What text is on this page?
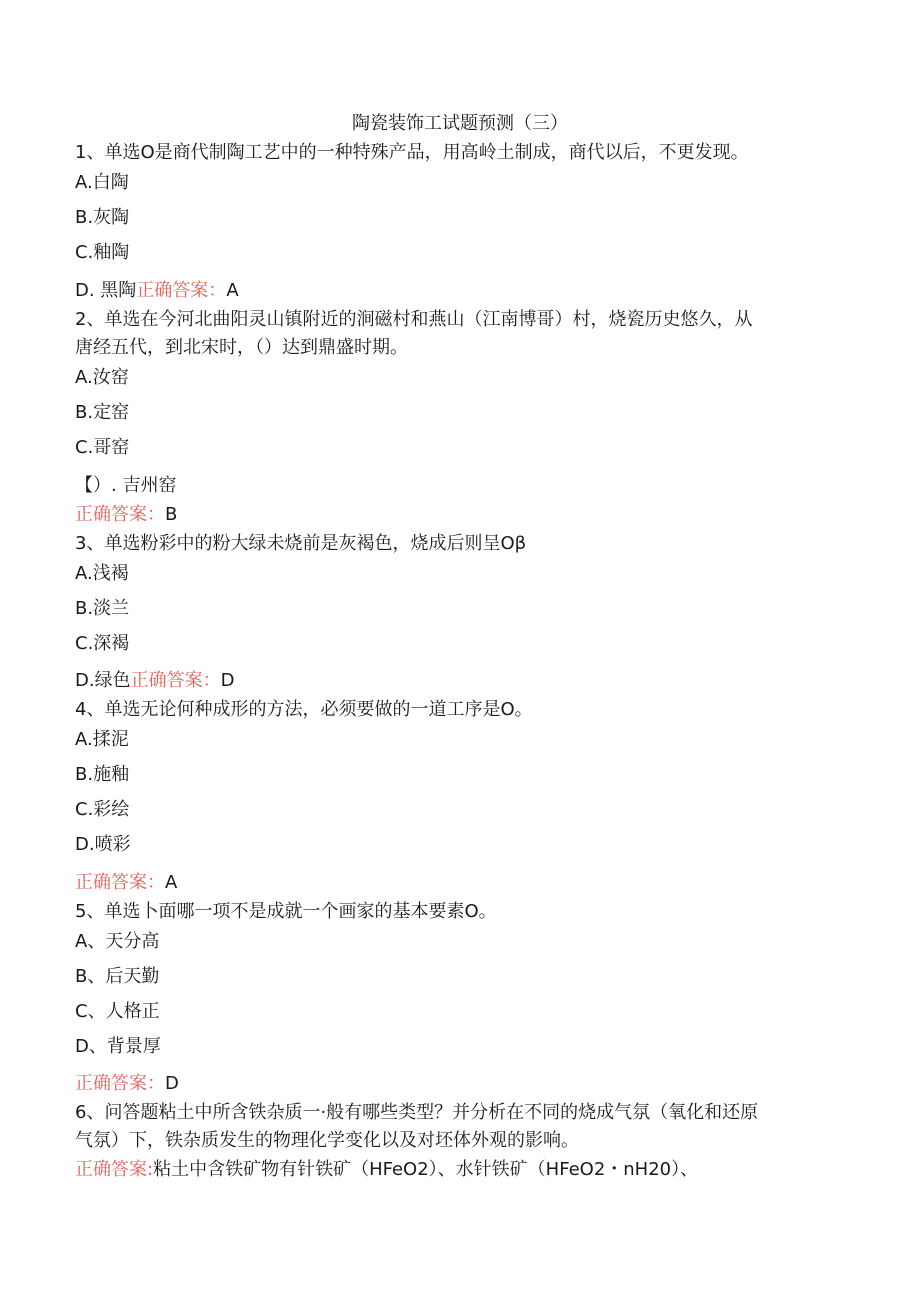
陶瓷装饰工试题预测（三）
1、单选O是商代制陶工艺中的一种特殊产品，用高岭土制成，商代以后，不更发现。
A.白陶
B.灰陶
C.釉陶
D. 黑陶正确答案：A
2、单选在今河北曲阳灵山镇附近的涧磁村和燕山（江南博哥）村，烧瓷历史悠久，从
唐经五代，到北宋时，（）达到鼎盛时期。
A.汝窑
B.定窑
C.哥窑
【）. 吉州窑
正确答案：B
3、单选粉彩中的粉大绿未烧前是灰褐色，烧成后则呈Oβ
A.浅褐
B.淡兰
C.深褐
D.绿色正确答案：D
4、单选无论何种成形的方法，必须要做的一道工序是O。
A.揉泥
B.施釉
C.彩绘
D.喷彩
正确答案：A
5、单选卜面哪一项不是成就一个画家的基本要素O。
A、天分高
B、后天勤
C、人格正
D、背景厚
正确答案：D
6、问答题粘土中所含铁杂质一·般有哪些类型？并分析在不同的烧成气氛（氧化和还原
气氛）下，铁杂质发生的物理化学变化以及对坯体外观的影响。
正确答案:粘土中含铁矿物有针铁矿（HFeO2）、水针铁矿（HFeO2・nH20）、
